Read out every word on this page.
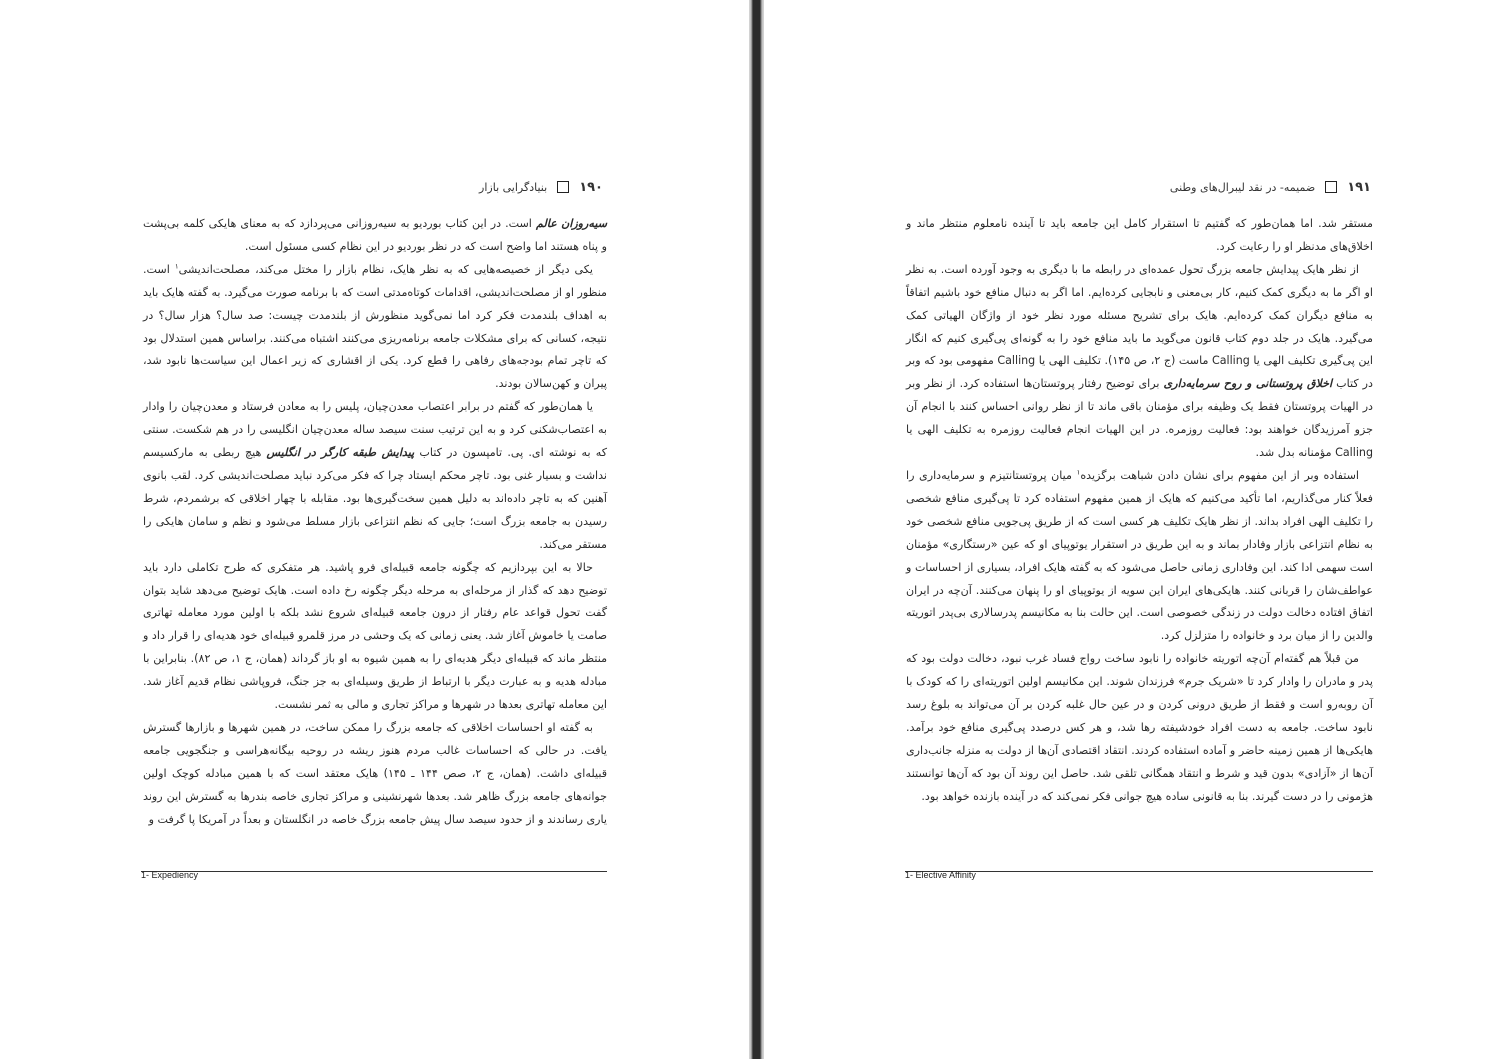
۱۹۰
بنیادگرایی بازار

سیه‌روزان عالم است. در این کتاب بوردیو به سیه‌روزانی می‌پردازد که به معنای هایکی کلمه بی‌پشت و پناه هستند اما واضح است که در نظر بوردیو در این نظام کسی مسئول است.

یکی دیگر از خصیصه‌هایی که به نظر هایک، نظام بازار را مختل می‌کند، مصلحت‌اندیشی$^۱$ است. منظور او از مصلحت‌اندیشی، اقدامات کوتاه‌مدتی است که با برنامه صورت می‌گیرد. به گفته هایک باید به اهداف بلندمدت فکر کرد اما نمی‌گوید منظورش از بلندمدت چیست: صد سال؟ هزار سال؟ در نتیجه، کسانی که برای مشکلات جامعه برنامه‌ریزی می‌کنند اشتباه می‌کنند. براساس همین استدلال بود که تاچر تمام بودجه‌های رفاهی را قطع کرد. یکی از اقشاری که زیر اعمال این سیاست‌ها نابود شد، پیران و کهن‌سالان بودند.

یا همان‌طور که گفتم در برابر اعتصاب معدن‌چیان، پلیس را به معادن فرستاد و معدن‌چیان را وادار به اعتصاب‌شکنی کرد و به این ترتیب سنت سیصد ساله معدن‌چیان انگلیسی را در هم شکست. سنتی که به نوشته ای. پی. تامپسون در کتاب پیدایش طبقه کارگر در انگلیس هیچ ربطی به مارکسیسم نداشت و بسیار غنی بود. تاچر محکم ایستاد چرا که فکر می‌کرد نباید مصلحت‌اندیشی کرد. لقب بانوی آهنین که به تاچر داده‌اند به دلیل همین سخت‌گیری‌ها بود. مقابله با چهار اخلاقی که برشمردم، شرط رسیدن به جامعه بزرگ است؛ جایی که نظم انتزاعی بازار مسلط می‌شود و نظم و سامان هایکی را مستقر می‌کند.

حالا به این بپردازیم که چگونه جامعه قبیله‌ای فرو پاشید. هر متفکری که طرح تکاملی دارد باید توضیح دهد که گذار از مرحله‌ای به مرحله دیگر چگونه رخ داده است. هایک توضیح می‌دهد شاید بتوان گفت تحول قواعد عام رفتار از درون جامعه قبیله‌ای شروع نشد بلکه با اولین مورد معامله تهاتری صامت یا خاموش آغاز شد. یعنی زمانی که یک وحشی در مرز قلمرو قبیله‌ای خود هدیه‌ای را قرار داد و منتظر ماند که قبیله‌ای دیگر هدیه‌ای را به همین شیوه به او باز گرداند (همان، ج ۱، ص ۸۲). بنابراین با مبادله هدیه و به عبارت دیگر با ارتباط از طریق وسیله‌ای به جز جنگ، فروپاشی نظام قدیم آغاز شد. این معامله تهاتری بعدها در شهرها و مراکز تجاری و مالی به ثمر نشست.

به گفته او احساسات اخلاقی که جامعه بزرگ را ممکن ساخت، در همین شهرها و بازارها گسترش یافت. در حالی که احساسات غالب مردم هنوز ریشه در روحیه بیگانه‌هراسی و جنگجویی جامعه قبیله‌ای داشت. (همان، ج ۲، صص ۱۴۴ ـ ۱۴۵) هایک معتقد است که با همین مبادله کوچک اولین جوانه‌های جامعه بزرگ ظاهر شد. بعدها شهرنشینی و مراکز تجاری خاصه بندرها به گسترش این روند یاری رساندند و از حدود سیصد سال پیش جامعه بزرگ خاصه در انگلستان و بعداً در آمریکا پا گرفت و

1- Expediency
۱۹۱
ضمیمه- در نقد لیبرال‌های وطنی

مستقر شد. اما همان‌طور که گفتیم تا استقرار کامل این جامعه باید تا آینده نامعلوم منتظر ماند و اخلاق‌های مدنظر او را رعایت کرد.

از نظر هایک پیدایش جامعه بزرگ تحول عمده‌ای در رابطه ما با دیگری به وجود آورده است. به نظر او اگر ما به دیگری کمک کنیم، کار بی‌معنی و نابجایی کرده‌ایم. اما اگر به دنبال منافع خود باشیم اتفاقاً به منافع دیگران کمک کرده‌ایم. هایک برای تشریح مسئله مورد نظر خود از واژگان الهیاتی کمک می‌گیرد. هایک در جلد دوم کتاب قانون می‌گوید ما باید منافع خود را به گونه‌ای پی‌گیری کنیم که انگار این پی‌گیری تکلیف الهی یا Calling ماست (ج ۲، ص ۱۴۵). تکلیف الهی یا Calling مفهومی بود که وبر در کتاب اخلاق پروتستانی و روح سرمایه‌داری برای توضیح رفتار پروتستان‌ها استفاده کرد. از نظر وبر در الهیات پروتستان فقط یک وظیفه برای مؤمنان باقی ماند تا از نظر روانی احساس کنند با انجام آن جزو آمرزیدگان خواهند بود: فعالیت روزمره. در این الهیات انجام فعالیت روزمره به تکلیف الهی یا Calling مؤمنانه بدل شد.

استفاده وبر از این مفهوم برای نشان دادن شباهت برگزیده$^۱$ میان پروتستانتیزم و سرمایه‌داری را فعلاً کنار می‌گذاریم، اما تأکید می‌کنیم که هایک از همین مفهوم استفاده کرد تا پی‌گیری منافع شخصی را تکلیف الهی افراد بداند. از نظر هایک تکلیف هر کسی است که از طریق پی‌جویی منافع شخصی خود به نظام انتزاعی بازار وفادار بماند و به این طریق در استقرار یوتوپیای او که عین «رستگاری» مؤمنان است سهمی ادا کند. این وفاداری زمانی حاصل می‌شود که به گفته هایک افراد، بسیاری از احساسات و عواطف‌شان را قربانی کنند. هایکی‌های ایران این سویه از یوتوپیای او را پنهان می‌کنند. آن‌چه در ایران اتفاق افتاده دخالت دولت در زندگی خصوصی است. این حالت بنا به مکانیسم پدرسالاری بی‌پدر اتوریته والدین را از میان برد و خانواده را متزلزل کرد.

من قبلاً هم گفته‌ام آن‌چه اتوریته خانواده را نابود ساخت رواج فساد غرب نبود، دخالت دولت بود که پدر و مادران را وادار کرد تا «شریک جرم» فرزندان شوند. این مکانیسم اولین اتوریته‌ای را که کودک با آن روبه‌رو است و فقط از طریق درونی کردن و در عین حال غلبه کردن بر آن می‌تواند به بلوغ رسد نابود ساخت. جامعه به دست افراد خودشیفته رها شد، و هر کس درصدد پی‌گیری منافع خود برآمد. هایکی‌ها از همین زمینه حاضر و آماده استفاده کردند. انتقاد اقتصادی آن‌ها از دولت به منزله جانب‌داری آن‌ها از «آزادی» بدون قید و شرط و انتقاد همگانی تلقی شد. حاصل این روند آن بود که آن‌ها توانستند هژمونی را در دست گیرند. بنا به قانونی ساده هیچ جوانی فکر نمی‌کند که در آینده بازنده خواهد بود.

1- Elective Affinity
